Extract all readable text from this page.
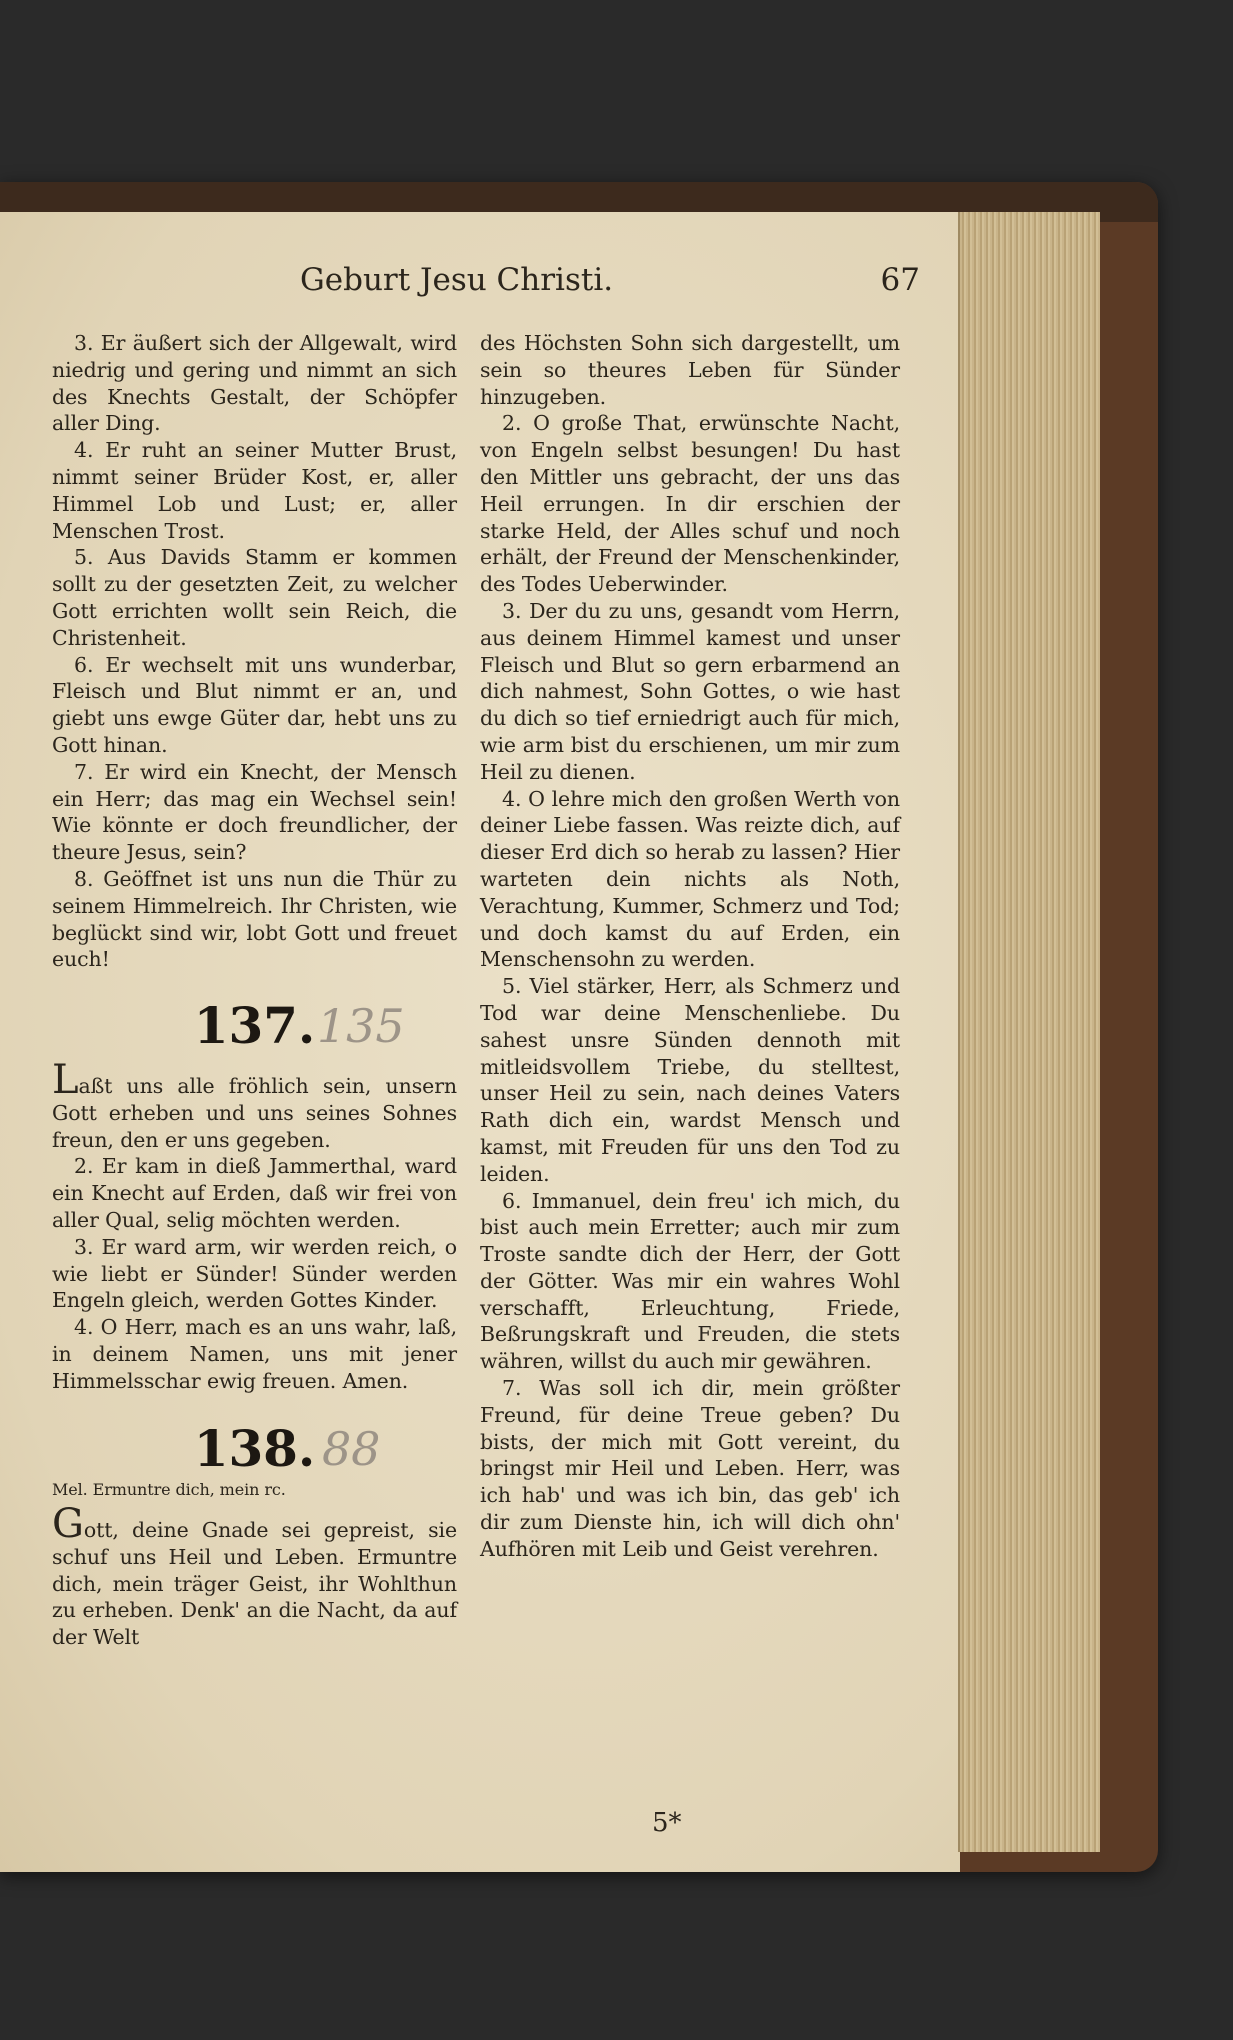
Geburt Jesu Christi.	67

3. Er äußert sich der Allgewalt, wird niedrig und gering und nimmt an sich des Knechts Gestalt, der Schöpfer aller Ding.

4. Er ruht an seiner Mutter Brust, nimmt seiner Brüder Kost, er, aller Himmel Lob und Lust; er, aller Menschen Trost.

5. Aus Davids Stamm er kommen sollt zu der gesetzten Zeit, zu welcher Gott errichten wollt sein Reich, die Christenheit.

6. Er wechselt mit uns wunderbar, Fleisch und Blut nimmt er an, und giebt uns ewge Güter dar, hebt uns zu Gott hinan.

7. Er wird ein Knecht, der Mensch ein Herr; das mag ein Wechsel sein! Wie könnte er doch freundlicher, der theure Jesus, sein?

8. Geöffnet ist uns nun die Thür zu seinem Himmelreich. Ihr Christen, wie beglückt sind wir, lobt Gott und freuet euch!

137. 135

Laßt uns alle fröhlich sein, unsern Gott erheben und uns seines Sohnes freun, den er uns gegeben.

2. Er kam in dieß Jammerthal, ward ein Knecht auf Erden, daß wir frei von aller Qual, selig möchten werden.

3. Er ward arm, wir werden reich, o wie liebt er Sünder! Sünder werden Engeln gleich, werden Gottes Kinder.

4. O Herr, mach es an uns wahr, laß, in deinem Namen, uns mit jener Himmelsschar ewig freuen. Amen.

138. 88

Mel. Ermuntre dich, mein rc.

Gott, deine Gnade sei gepreist, sie schuf uns Heil und Leben. Ermuntre dich, mein träger Geist, ihr Wohlthun zu erheben. Denk' an die Nacht, da auf der Welt

des Höchsten Sohn sich dargestellt, um sein so theures Leben für Sünder hinzugeben.

2. O große That, erwünschte Nacht, von Engeln selbst besungen! Du hast den Mittler uns gebracht, der uns das Heil errungen. In dir erschien der starke Held, der Alles schuf und noch erhält, der Freund der Menschenkinder, des Todes Ueberwinder.

3. Der du zu uns, gesandt vom Herrn, aus deinem Himmel kamest und unser Fleisch und Blut so gern erbarmend an dich nahmest, Sohn Gottes, o wie hast du dich so tief erniedrigt auch für mich, wie arm bist du erschienen, um mir zum Heil zu dienen.

4. O lehre mich den großen Werth von deiner Liebe fassen. Was reizte dich, auf dieser Erd dich so herab zu lassen? Hier warteten dein nichts als Noth, Verachtung, Kummer, Schmerz und Tod; und doch kamst du auf Erden, ein Menschensohn zu werden.

5. Viel stärker, Herr, als Schmerz und Tod war deine Menschenliebe. Du sahest unsre Sünden dennoth mit mitleidsvollem Triebe, du stelltest, unser Heil zu sein, nach deines Vaters Rath dich ein, wardst Mensch und kamst, mit Freuden für uns den Tod zu leiden.

6. Immanuel, dein freu' ich mich, du bist auch mein Erretter; auch mir zum Troste sandte dich der Herr, der Gott der Götter. Was mir ein wahres Wohl verschafft, Erleuchtung, Friede, Beßrungskraft und Freuden, die stets währen, willst du auch mir gewähren.

7. Was soll ich dir, mein größter Freund, für deine Treue geben? Du bists, der mich mit Gott vereint, du bringst mir Heil und Leben. Herr, was ich hab' und was ich bin, das geb' ich dir zum Dienste hin, ich will dich ohn' Aufhören mit Leib und Geist verehren.

5*
